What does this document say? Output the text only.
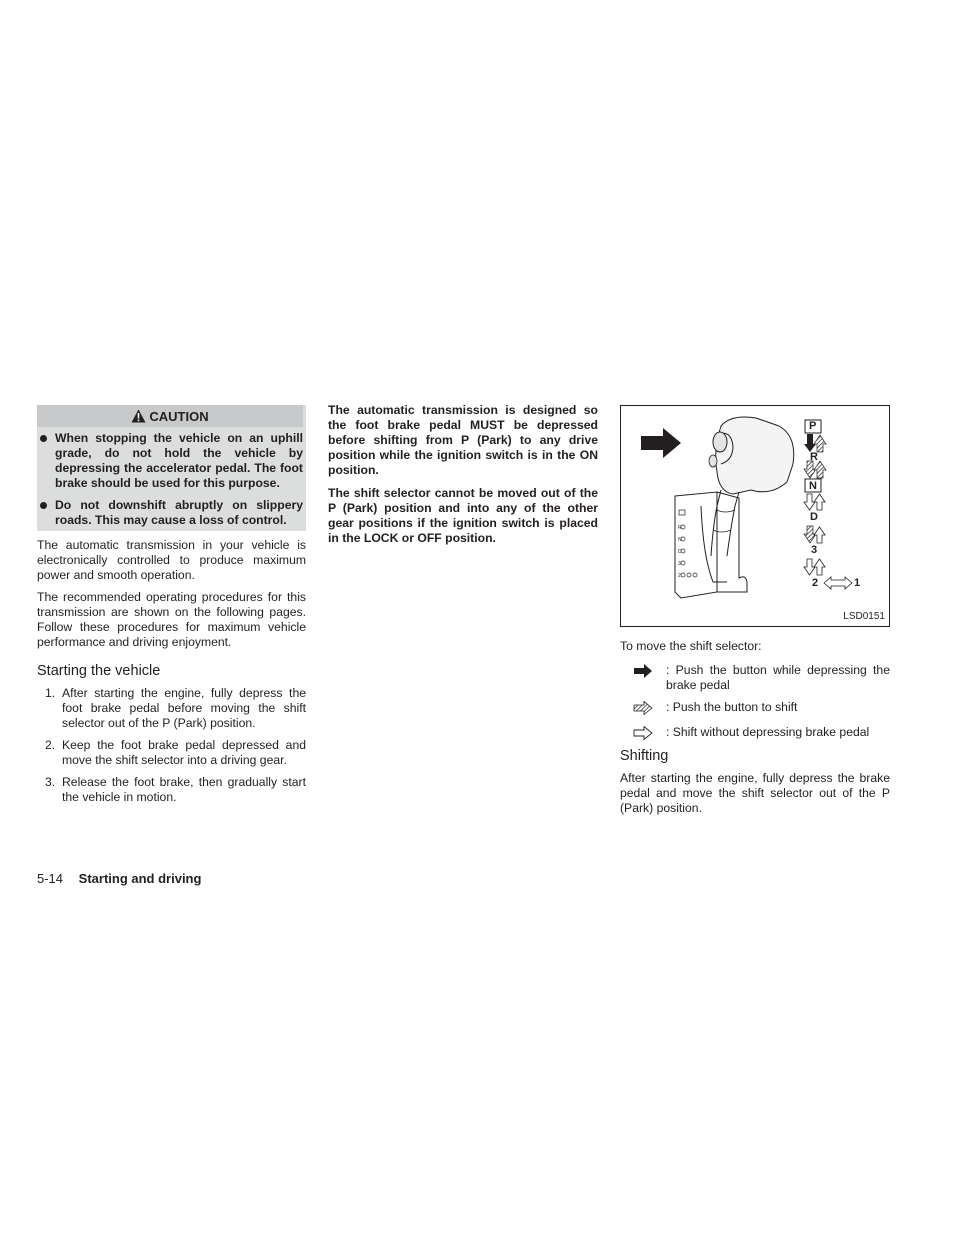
CAUTION
When stopping the vehicle on an uphill grade, do not hold the vehicle by depressing the accelerator pedal. The foot brake should be used for this purpose.
Do not downshift abruptly on slippery roads. This may cause a loss of control.

The automatic transmission in your vehicle is electronically controlled to produce maximum power and smooth operation.

The recommended operating procedures for this transmission are shown on the following pages. Follow these procedures for maximum vehicle performance and driving enjoyment.

Starting the vehicle
1. After starting the engine, fully depress the foot brake pedal before moving the shift selector out of the P (Park) position.
2. Keep the foot brake pedal depressed and move the shift selector into a driving gear.
3. Release the foot brake, then gradually start the vehicle in motion.

The automatic transmission is designed so the foot brake pedal MUST be depressed before shifting from P (Park) to any drive position while the ignition switch is in the ON position.

The shift selector cannot be moved out of the P (Park) position and into any of the other gear positions if the ignition switch is placed in the LOCK or OFF position.

R
N
D
3
2
P
R
N
D
3
2	1
LSD0151

To move the shift selector:

: Push the button while depressing the brake pedal
: Push the button to shift
: Shift without depressing brake pedal
Shifting

After starting the engine, fully depress the brake pedal and move the shift selector out of the P (Park) position.

5-14 Starting and driving
